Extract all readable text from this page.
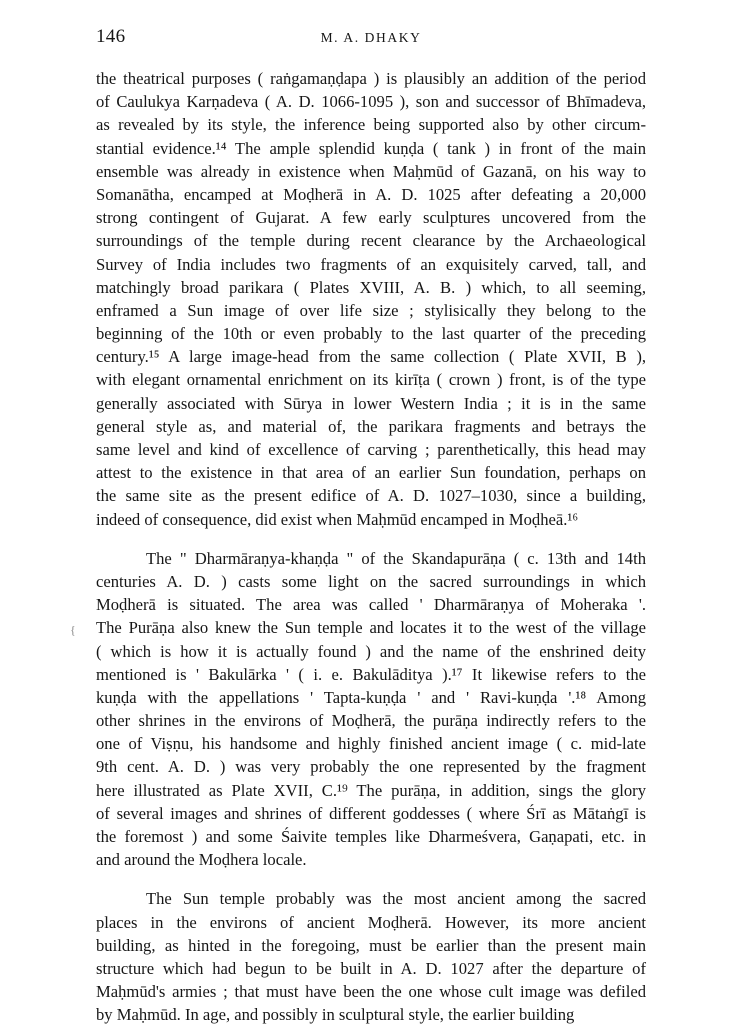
146	M. A. DHAKY
{

the theatrical purposes ( raṅgamaṇḍapa ) is plausibly an addition of the period
of Caulukya Karṇadeva ( A. D. 1066-1095 ), son and successor of Bhīmadeva,
as revealed by its style, the inference being supported also by other circum-
stantial evidence.¹⁴ The ample splendid kuṇḍa ( tank ) in front of the main
ensemble was already in existence when Maḥmūd of Gazanā, on his way to
Somanātha, encamped at Moḍherā in A. D. 1025 after defeating a 20,000
strong contingent of Gujarat. A few early sculptures uncovered from the
surroundings of the temple during recent clearance by the Archaeological
Survey of India includes two fragments of an exquisitely carved, tall, and
matchingly broad parikara ( Plates XVIII, A. B. ) which, to all seeming,
enframed a Sun image of over life size ; stylisically they belong to the
beginning of the 10th or even probably to the last quarter of the preceding
century.¹⁵ A large image-head from the same collection ( Plate XVII, B ),
with elegant ornamental enrichment on its kirīṭa ( crown ) front, is of the type
generally associated with Sūrya in lower Western India ; it is in the same
general style as, and material of, the parikara fragments and betrays the
same level and kind of excellence of carving ; parenthetically, this head may
attest to the existence in that area of an earlier Sun foundation, perhaps on
the same site as the present edifice of A. D. 1027–1030, since a building,
indeed of consequence, did exist when Maḥmūd encamped in Moḍheā.¹⁶

The " Dharmāraṇya-khaṇḍa " of the Skandapurāṇa ( c. 13th and 14th
centuries A. D. ) casts some light on the sacred surroundings in which
Moḍherā is situated. The area was called ' Dharmāraṇya of Moheraka '.
The Purāṇa also knew the Sun temple and locates it to the west of the village
( which is how it is actually found ) and the name of the enshrined deity
mentioned is ' Bakulārka ' ( i. e. Bakulāditya ).¹⁷ It likewise refers to the
kuṇḍa with the appellations ' Tapta-kuṇḍa ' and ' Ravi-kuṇḍa '.¹⁸ Among
other shrines in the environs of Moḍherā, the purāṇa indirectly refers to the
one of Viṣṇu, his handsome and highly finished ancient image ( c. mid-late
9th cent. A. D. ) was very probably the one represented by the fragment
here illustrated as Plate XVII, C.¹⁹ The purāṇa, in addition, sings the glory
of several images and shrines of different goddesses ( where Śrī as Mātaṅgī is
the foremost ) and some Śaivite temples like Dharmeśvera, Gaṇapati, etc. in
and around the Moḍhera locale.

The Sun temple probably was the most ancient among the sacred
places in the environs of ancient Moḍherā. However, its more ancient
building, as hinted in the foregoing, must be earlier than the present main
structure which had begun to be built in A. D. 1027 after the departure of
Maḥmūd's armies ; that must have been the one whose cult image was defiled
by Maḥmūd. In age, and possibly in sculptural style, the earlier building
